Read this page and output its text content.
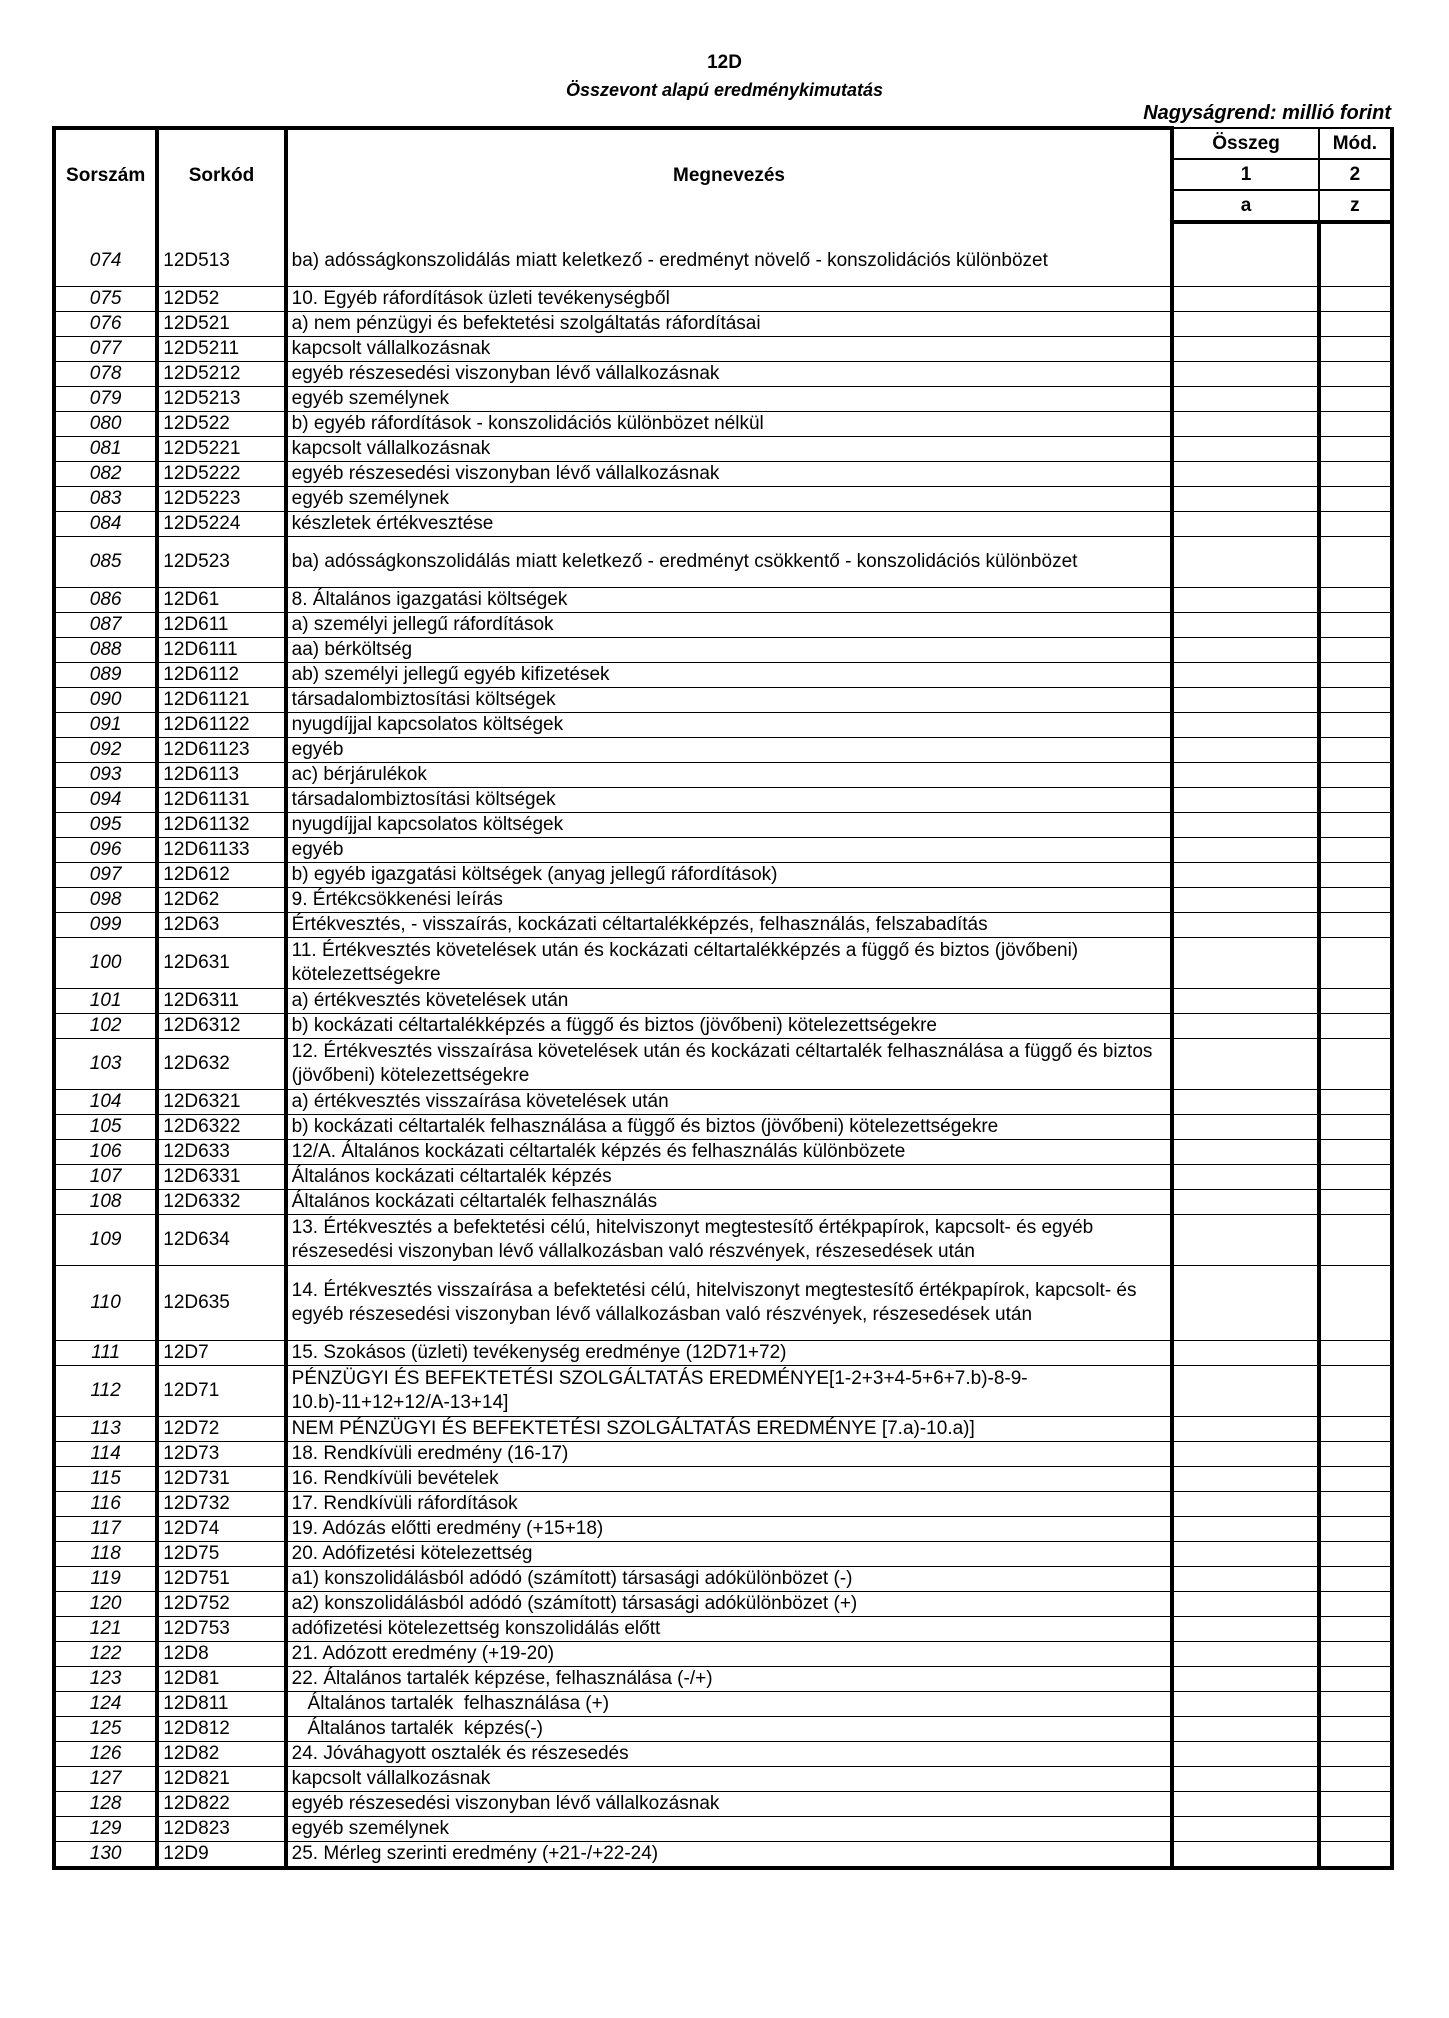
12D
Összevont alapú eredménykimutatás
Nagyságrend: millió forint
Sorszám	Sorkód	Megnevezés	Összeg	Mód.
			1	2
			a	z

074	12D513	ba) adósságkonszolidálás miatt keletkező - eredményt növelő - konszolidációs különbözet		
075	12D52	10. Egyéb ráfordítások üzleti tevékenységből		
076	12D521	a) nem pénzügyi és befektetési szolgáltatás ráfordításai		
077	12D5211	kapcsolt vállalkozásnak		
078	12D5212	egyéb részesedési viszonyban lévő vállalkozásnak		
079	12D5213	egyéb személynek		
080	12D522	b) egyéb ráfordítások - konszolidációs különbözet nélkül		
081	12D5221	kapcsolt vállalkozásnak		
082	12D5222	egyéb részesedési viszonyban lévő vállalkozásnak		
083	12D5223	egyéb személynek		
084	12D5224	készletek értékvesztése		
085	12D523	ba) adósságkonszolidálás miatt keletkező - eredményt csökkentő - konszolidációs különbözet		
086	12D61	8. Általános igazgatási költségek		
087	12D611	a) személyi jellegű ráfordítások		
088	12D6111	aa) bérköltség		
089	12D6112	ab) személyi jellegű egyéb kifizetések		
090	12D61121	társadalombiztosítási költségek		
091	12D61122	nyugdíjjal kapcsolatos költségek		
092	12D61123	egyéb		
093	12D6113	ac) bérjárulékok		
094	12D61131	társadalombiztosítási költségek		
095	12D61132	nyugdíjjal kapcsolatos költségek		
096	12D61133	egyéb		
097	12D612	b) egyéb igazgatási költségek (anyag jellegű ráfordítások)		
098	12D62	9. Értékcsökkenési leírás		
099	12D63	Értékvesztés, - visszaírás, kockázati céltartalékképzés, felhasználás, felszabadítás		
100	12D631	11. Értékvesztés követelések után és kockázati céltartalékképzés a függő és biztos (jövőbeni) kötelezettségekre		
101	12D6311	a) értékvesztés követelések után		
102	12D6312	b) kockázati céltartalékképzés a függő és biztos (jövőbeni) kötelezettségekre		
103	12D632	12. Értékvesztés visszaírása követelések után és kockázati céltartalék felhasználása a függő és biztos (jövőbeni) kötelezettségekre		
104	12D6321	a) értékvesztés visszaírása követelések után		
105	12D6322	b) kockázati céltartalék felhasználása a függő és biztos (jövőbeni) kötelezettségekre		
106	12D633	12/A. Általános kockázati céltartalék képzés és felhasználás különbözete		
107	12D6331	Általános kockázati céltartalék képzés		
108	12D6332	Általános kockázati céltartalék felhasználás		
109	12D634	13. Értékvesztés a befektetési célú, hitelviszonyt megtestesítő értékpapírok, kapcsolt- és egyéb részesedési viszonyban lévő vállalkozásban való részvények, részesedések után		
110	12D635	14. Értékvesztés visszaírása a befektetési célú, hitelviszonyt megtestesítő értékpapírok, kapcsolt- és egyéb részesedési viszonyban lévő vállalkozásban való részvények, részesedések után		
111	12D7	15. Szokásos (üzleti) tevékenység eredménye (12D71+72)		
112	12D71	PÉNZÜGYI ÉS BEFEKTETÉSI SZOLGÁLTATÁS EREDMÉNYE[1-2+3+4-5+6+7.b)-8-9-10.b)-11+12+12/A-13+14]		
113	12D72	NEM PÉNZÜGYI ÉS BEFEKTETÉSI SZOLGÁLTATÁS EREDMÉNYE [7.a)-10.a)]		
114	12D73	18. Rendkívüli eredmény (16-17)		
115	12D731	16. Rendkívüli bevételek		
116	12D732	17. Rendkívüli ráfordítások		
117	12D74	19. Adózás előtti eredmény (+15+18)		
118	12D75	20. Adófizetési kötelezettség		
119	12D751	a1) konszolidálásból adódó (számított) társasági adókülönbözet (-)		
120	12D752	a2) konszolidálásból adódó (számított) társasági adókülönbözet (+)		
121	12D753	adófizetési kötelezettség konszolidálás előtt		
122	12D8	21. Adózott eredmény (+19-20)		
123	12D81	22. Általános tartalék képzése, felhasználása (-/+)		
124	12D811	Általános tartalék  felhasználása (+)		
125	12D812	Általános tartalék  képzés(-)		
126	12D82	24. Jóváhagyott osztalék és részesedés		
127	12D821	kapcsolt vállalkozásnak		
128	12D822	egyéb részesedési viszonyban lévő vállalkozásnak		
129	12D823	egyéb személynek		
130	12D9	25. Mérleg szerinti eredmény (+21-/+22-24)		
